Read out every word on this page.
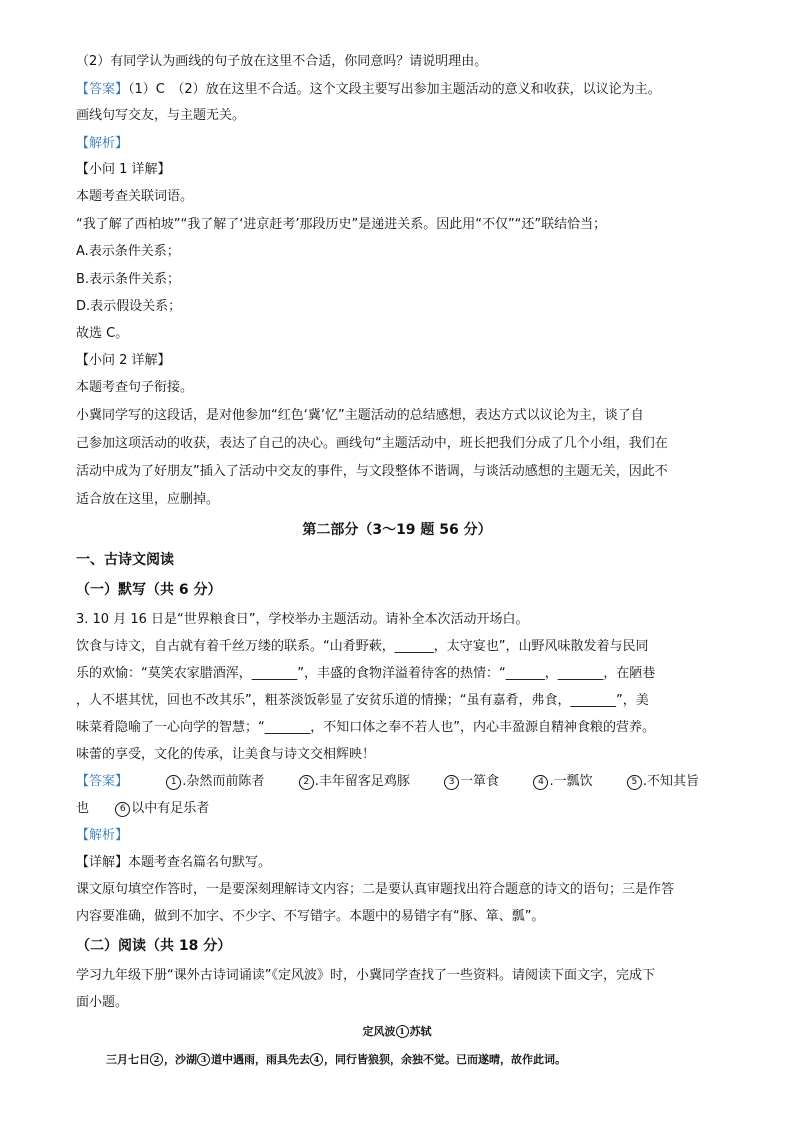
（2）有同学认为画线的句子放在这里不合适，你同意吗？请说明理由。

【答案】（1）C　（2）放在这里不合适。这个文段主要写出参加主题活动的意义和收获，以议论为主。

画线句写交友，与主题无关。

【解析】

【小问 1 详解】

本题考查关联词语。

“我了解了西柏坡”“我了解了‘进京赶考’那段历史”是递进关系。因此用“不仅”“还”联结恰当；

A.表示条件关系；

B.表示条件关系；

D.表示假设关系；

故选 C。

【小问 2 详解】

本题考查句子衔接。

小冀同学写的这段话，是对他参加“红色‘冀’忆”主题活动的总结感想，表达方式以议论为主，谈了自

己参加这项活动的收获，表达了自己的决心。画线句“主题活动中，班长把我们分成了几个小组，我们在

活动中成为了好朋友”插入了活动中交友的事件，与文段整体不谐调，与谈活动感想的主题无关，因此不

适合放在这里，应删掉。

第二部分（3～19 题 56 分）

一、古诗文阅读

（一）默写（共 6 分）

3. 10 月 16 日是“世界粮食日”，学校举办主题活动。请补全本次活动开场白。

饮食与诗文，自古就有着千丝万缕的联系。“山肴野蔌，______，太守宴也”，山野风味散发着与民同

乐的欢愉：“莫笑农家腊酒浑，_______”，丰盛的食物洋溢着待客的热情：“______，_______，在陋巷

，人不堪其忧，回也不改其乐”，粗茶淡饭彰显了安贫乐道的情操；“虽有嘉肴，弗食，_______”，美

味菜肴隐喻了一心向学的智慧；“_______，不知口体之奉不若人也”，内心丰盈源自精神食粮的营养。

味蕾的享受，文化的传承，让美食与诗文交相辉映！

【答案】	1 .杂然而前陈者	2 .丰年留客足鸡豚	3 一箪食	4 .一瓢饮	5 .不知其旨

也	6 以中有足乐者

【解析】

【详解】本题考查名篇名句默写。

课文原句填空作答时，一是要深刻理解诗文内容；二是要认真审题找出符合题意的诗文的语句；三是作答

内容要准确，做到不加字、不少字、不写错字。本题中的易错字有“豚、箪、瓢”。

（二）阅读（共 18 分）

学习九年级下册“课外古诗词诵读”《定风波》时，小冀同学查找了一些资料。请阅读下面文字，完成下

面小题。

定风波 1 苏轼

三月七日 2 ，沙湖 3 道中遇雨，雨具先去 4 ，同行皆狼狈，余独不觉。已而遂晴，故作此词。
